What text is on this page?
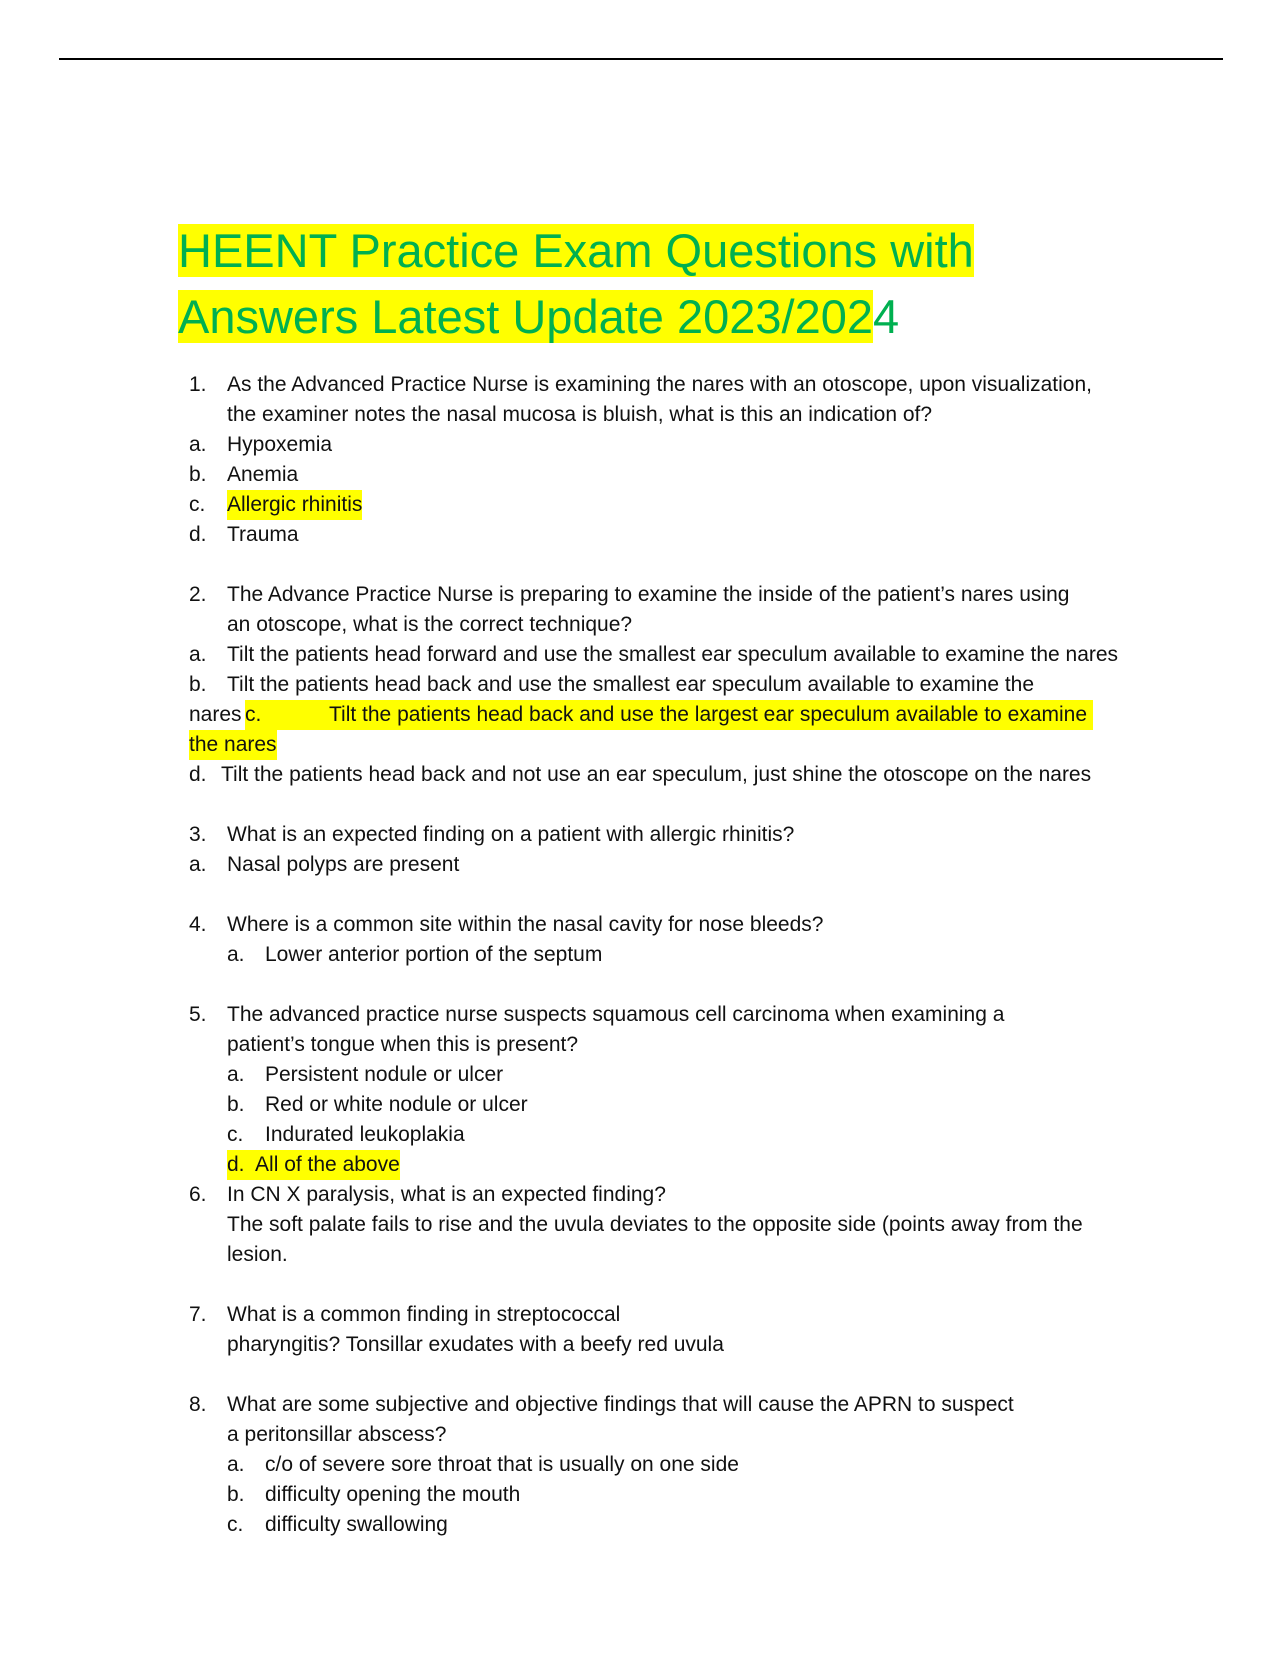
HEENT Practice Exam Questions with
Answers Latest Update 2023/2024
1. As the Advanced Practice Nurse is examining the nares with an otoscope, upon visualization,
the examiner notes the nasal mucosa is bluish, what is this an indication of?
a. Hypoxemia
b. Anemia
c. Allergic rhinitis
d. Trauma
2. The Advance Practice Nurse is preparing to examine the inside of the patient’s nares using
an otoscope, what is the correct technique?
a. Tilt the patients head forward and use the smallest ear speculum available to examine the nares
b. Tilt the patients head back and use the smallest ear speculum available to examine the
nares c.	Tilt the patients head back and use the largest ear speculum available to examine
the nares
d. Tilt the patients head back and not use an ear speculum, just shine the otoscope on the nares
3. What is an expected finding on a patient with allergic rhinitis?
a. Nasal polyps are present
4. Where is a common site within the nasal cavity for nose bleeds?
a. Lower anterior portion of the septum
5. The advanced practice nurse suspects squamous cell carcinoma when examining a
patient’s tongue when this is present?
a. Persistent nodule or ulcer
b. Red or white nodule or ulcer
c. Indurated leukoplakia
d.  All of the above
6. In CN X paralysis, what is an expected finding?
The soft palate fails to rise and the uvula deviates to the opposite side (points away from the
lesion.
7. What is a common finding in streptococcal
pharyngitis? Tonsillar exudates with a beefy red uvula
8. What are some subjective and objective findings that will cause the APRN to suspect
a peritonsillar abscess?
a. c/o of severe sore throat that is usually on one side
b. difficulty opening the mouth
c. difficulty swallowing
